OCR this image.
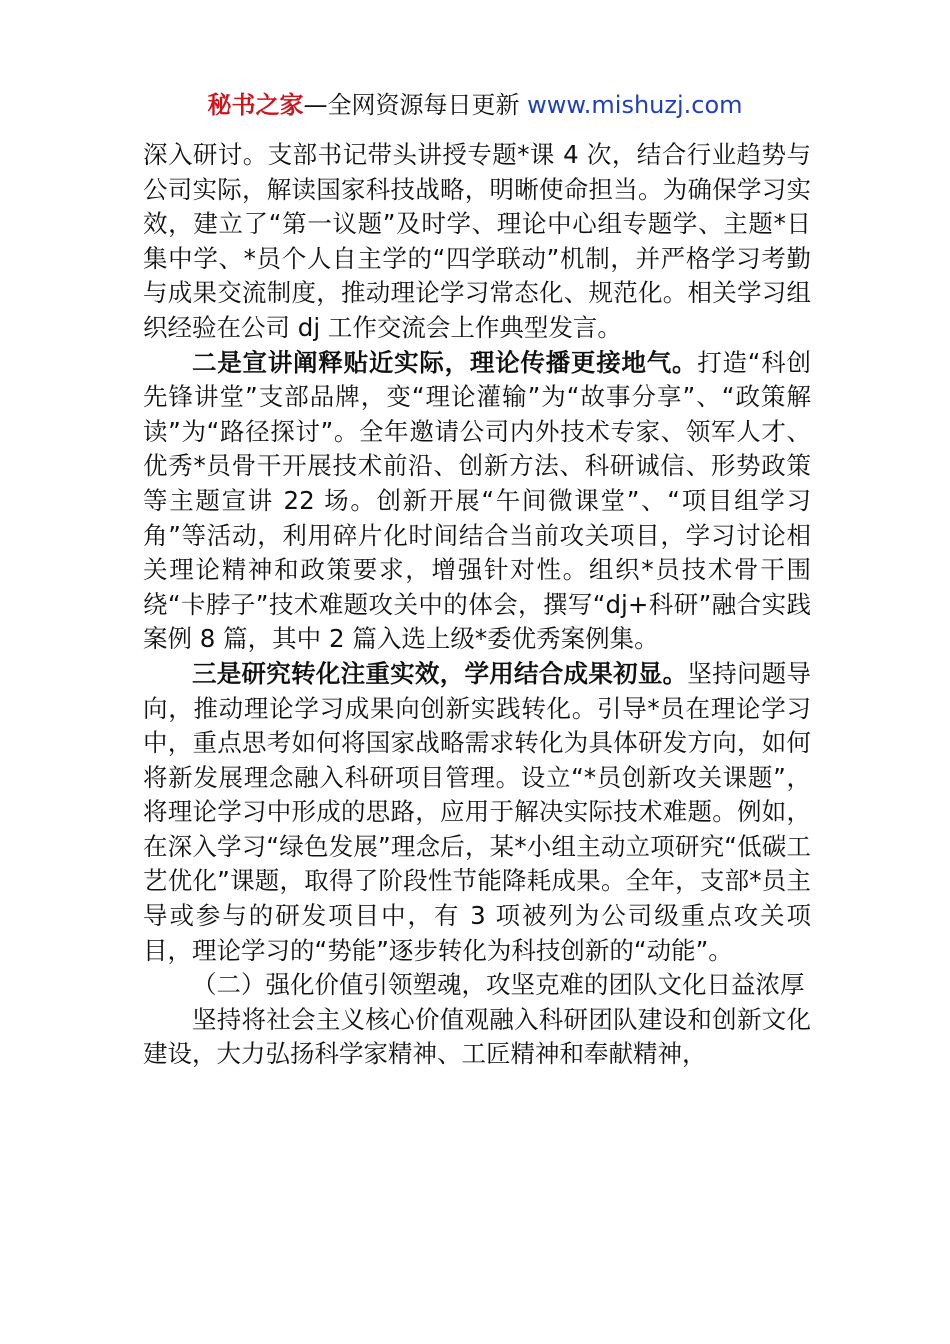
秘书之家—全网资源每日更新 www.mishuzj.com

深入研讨。支部书记带头讲授专题*课 4 次，结合行业趋势与公司实际，解读国家科技战略，明晰使命担当。为确保学习实效，建立了“第一议题”及时学、理论中心组专题学、主题*日集中学、*员个人自主学的“四学联动”机制，并严格学习考勤与成果交流制度，推动理论学习常态化、规范化。相关学习组织经验在公司 dj 工作交流会上作典型发言。

二是宣讲阐释贴近实际，理论传播更接地气。打造“科创先锋讲堂”支部品牌，变“理论灌输”为“故事分享”、“政策解读”为“路径探讨”。全年邀请公司内外技术专家、领军人才、优秀*员骨干开展技术前沿、创新方法、科研诚信、形势政策等主题宣讲 22 场。创新开展“午间微课堂”、“项目组学习角”等活动，利用碎片化时间结合当前攻关项目，学习讨论相关理论精神和政策要求，增强针对性。组织*员技术骨干围绕“卡脖子”技术难题攻关中的体会，撰写“dj+科研”融合实践案例 8 篇，其中 2 篇入选上级*委优秀案例集。

三是研究转化注重实效，学用结合成果初显。坚持问题导向，推动理论学习成果向创新实践转化。引导*员在理论学习中，重点思考如何将国家战略需求转化为具体研发方向，如何将新发展理念融入科研项目管理。设立“*员创新攻关课题”，将理论学习中形成的思路，应用于解决实际技术难题。例如，在深入学习“绿色发展”理念后，某*小组主动立项研究“低碳工艺优化”课题，取得了阶段性节能降耗成果。全年，支部*员主导或参与的研发项目中，有 3 项被列为公司级重点攻关项目，理论学习的“势能”逐步转化为科技创新的“动能”。

（二）强化价值引领塑魂，攻坚克难的团队文化日益浓厚

坚持将社会主义核心价值观融入科研团队建设和创新文化建设，大力弘扬科学家精神、工匠精神和奉献精神，
